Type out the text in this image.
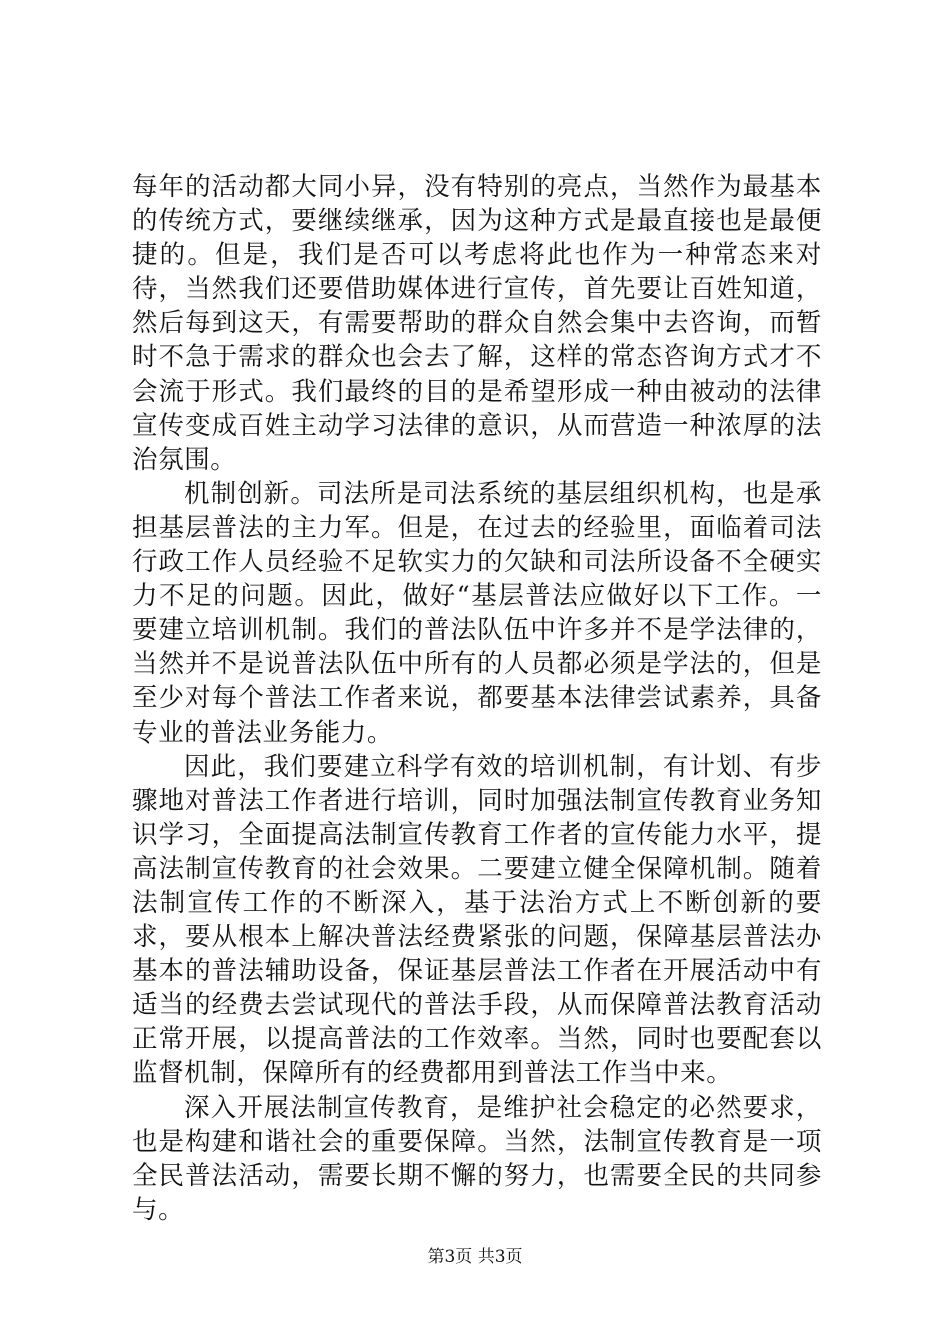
每年的活动都大同小异，没有特别的亮点，当然作为最基本的传统方式，要继续继承，因为这种方式是最直接也是最便捷的。但是，我们是否可以考虑将此也作为一种常态来对待，当然我们还要借助媒体进行宣传，首先要让百姓知道，然后每到这天，有需要帮助的群众自然会集中去咨询，而暂时不急于需求的群众也会去了解，这样的常态咨询方式才不会流于形式。我们最终的目的是希望形成一种由被动的法律宣传变成百姓主动学习法律的意识，从而营造一种浓厚的法治氛围。

机制创新。司法所是司法系统的基层组织机构，也是承担基层普法的主力军。但是，在过去的经验里，面临着司法行政工作人员经验不足软实力的欠缺和司法所设备不全硬实力不足的问题。因此，做好“基层普法应做好以下工作。一要建立培训机制。我们的普法队伍中许多并不是学法律的，当然并不是说普法队伍中所有的人员都必须是学法的，但是至少对每个普法工作者来说，都要基本法律尝试素养，具备专业的普法业务能力。

因此，我们要建立科学有效的培训机制，有计划、有步骤地对普法工作者进行培训，同时加强法制宣传教育业务知识学习，全面提高法制宣传教育工作者的宣传能力水平，提高法制宣传教育的社会效果。二要建立健全保障机制。随着法制宣传工作的不断深入，基于法治方式上不断创新的要求，要从根本上解决普法经费紧张的问题，保障基层普法办基本的普法辅助设备，保证基层普法工作者在开展活动中有适当的经费去尝试现代的普法手段，从而保障普法教育活动正常开展，以提高普法的工作效率。当然，同时也要配套以监督机制，保障所有的经费都用到普法工作当中来。

深入开展法制宣传教育，是维护社会稳定的必然要求，也是构建和谐社会的重要保障。当然，法制宣传教育是一项全民普法活动，需要长期不懈的努力，也需要全民的共同参与。

第3页 共3页
